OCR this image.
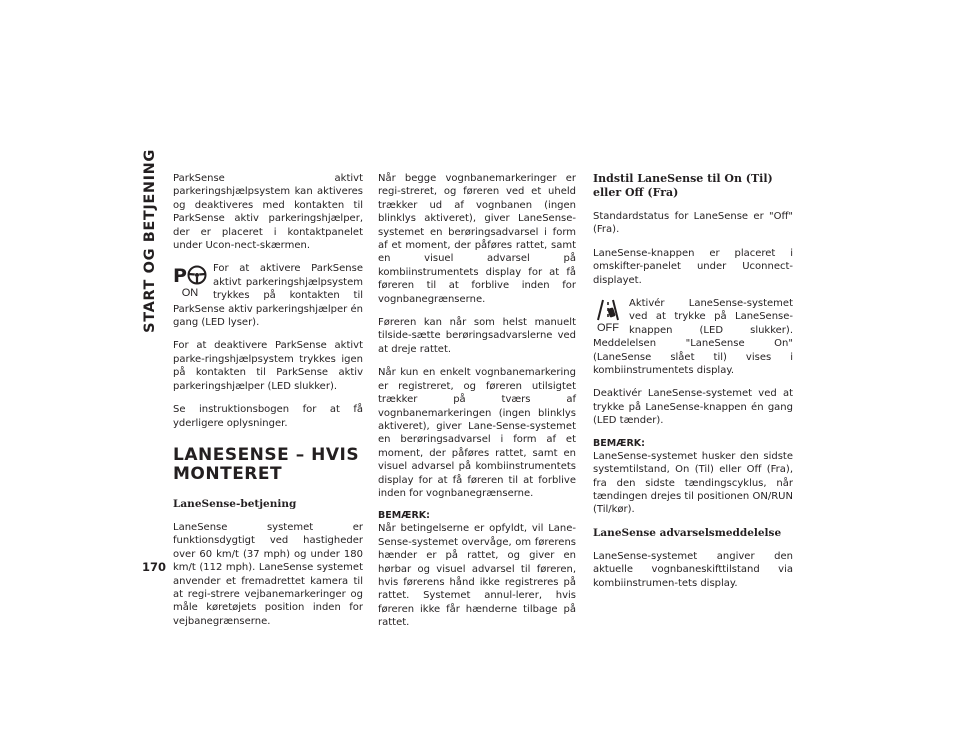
START OG BETJENING
170

ParkSense aktivt parkeringshjælpsystem kan aktiveres og deaktiveres med kontakten til ParkSense aktiv parkeringshjælper, der er placeret i kontaktpanelet under Ucon-nect-skærmen.

P
ON

For at aktivere ParkSense aktivt parkeringshjælpsystem trykkes på kontakten til ParkSense aktiv parkeringshjælper én gang (LED lyser).

For at deaktivere ParkSense aktivt parke-ringshjælpsystem trykkes igen på kontakten til ParkSense aktiv parkeringshjælper (LED slukker).

Se instruktionsbogen for at få yderligere oplysninger.

LANESENSE – HVIS MONTERET
LaneSense-betjening

LaneSense systemet er funktionsdygtigt ved hastigheder over 60 km/t (37 mph) og under 180 km/t (112 mph). LaneSense systemet anvender et fremadrettet kamera til at regi-strere vejbanemarkeringer og måle køretøjets position inden for vejbanegrænserne.

Når begge vognbanemarkeringer er regi-streret, og føreren ved et uheld trækker ud af vognbanen (ingen blinklys aktiveret), giver LaneSense-systemet en berøringsadvarsel i form af et moment, der påføres rattet, samt en visuel advarsel på kombiinstrumentets display for at få føreren til at forblive inden for vognbanegrænserne.

Føreren kan når som helst manuelt tilside-sætte berøringsadvarslerne ved at dreje rattet.

Når kun en enkelt vognbanemarkering er registreret, og føreren utilsigtet trækker på tværs af vognbanemarkeringen (ingen blinklys aktiveret), giver Lane-Sense-systemet en berøringsadvarsel i form af et moment, der påføres rattet, samt en visuel advarsel på kombiinstrumentets display for at få føreren til at forblive inden for vognbanegrænserne.

BEMÆRK:

Når betingelserne er opfyldt, vil Lane-Sense-systemet overvåge, om førerens hænder er på rattet, og giver en hørbar og visuel advarsel til føreren, hvis førerens hånd ikke registreres på rattet. Systemet annul-lerer, hvis føreren ikke får hænderne tilbage på rattet.

Indstil LaneSense til On (Til) eller Off (Fra)

Standardstatus for LaneSense er "Off" (Fra).

LaneSense-knappen er placeret i omskifter-panelet under Uconnect-displayet.

OFF

Aktivér LaneSense-systemet ved at trykke på LaneSense-knappen (LED slukker). Meddelelsen "LaneSense On" (LaneSense slået til) vises i kombiinstrumentets display.

Deaktivér LaneSense-systemet ved at trykke på LaneSense-knappen én gang (LED tænder).

BEMÆRK:

LaneSense-systemet husker den sidste systemtilstand, On (Til) eller Off (Fra), fra den sidste tændingscyklus, når tændingen drejes til positionen ON/RUN (Til/kør).

LaneSense advarselsmeddelelse

LaneSense-systemet angiver den aktuelle vognbaneskifttilstand via kombiinstrumen-tets display.
